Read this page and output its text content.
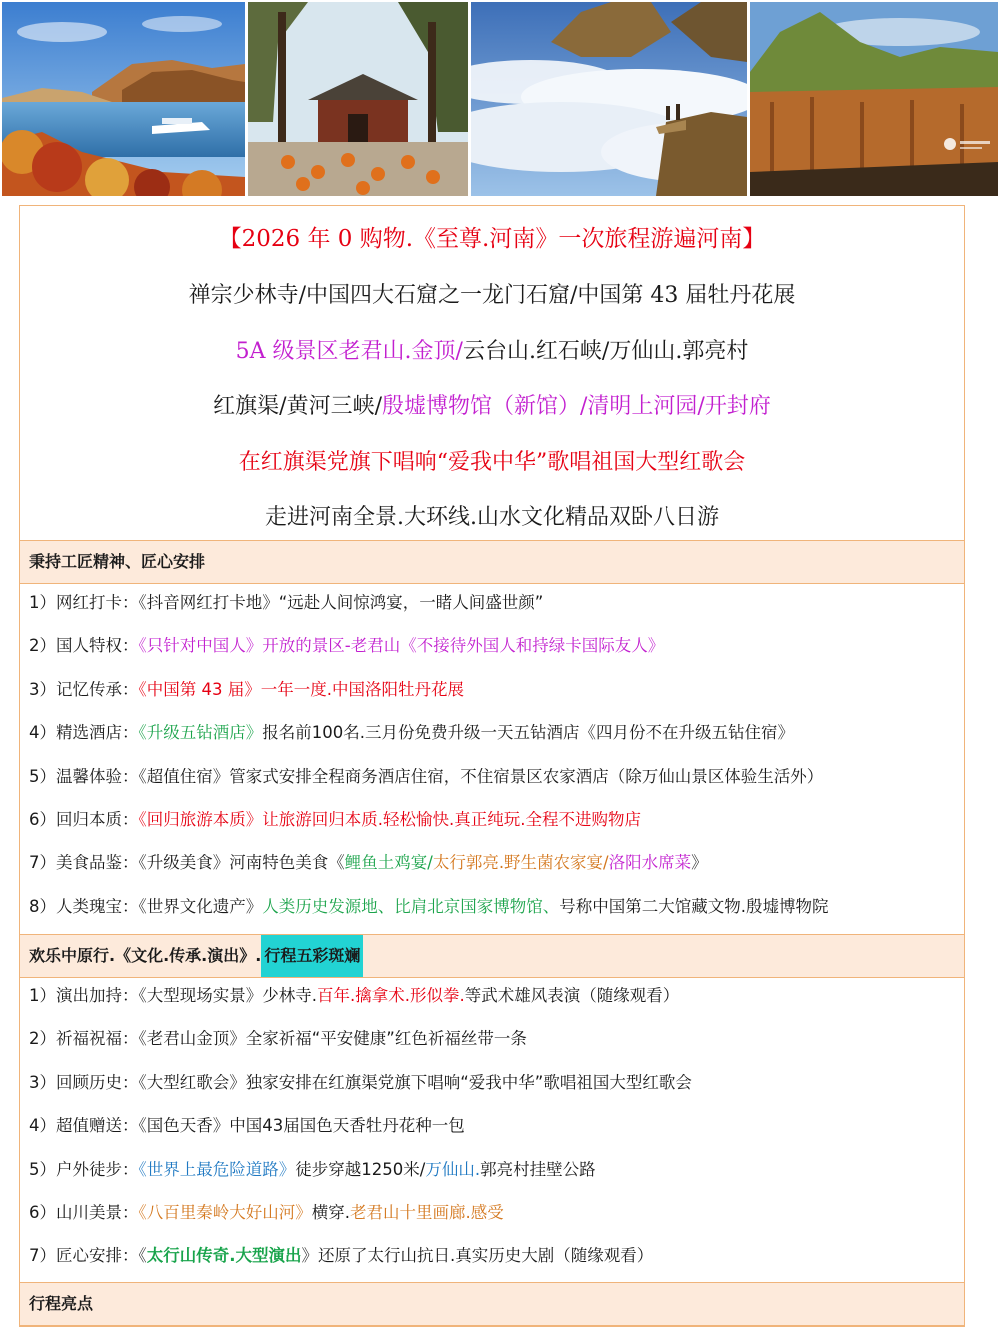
【2026 年 0 购物.《至尊.河南》一次旅程游遍河南】
禅宗少林寺/中国四大石窟之一龙门石窟/中国第 43 届牡丹花展
5A 级景区老君山.金顶/云台山.红石峡/万仙山.郭亮村
红旗渠/黄河三峡/殷墟博物馆（新馆）/清明上河园/开封府
在红旗渠党旗下唱响“爱我中华”歌唱祖国大型红歌会
走进河南全景.大环线.山水文化精品双卧八日游
秉持工匠精神、匠心安排
欢乐中原行.《文化.传承.演出》. 行程五彩斑斓
行程亮点
1）网红打卡：《抖音网红打卡地》“远赴人间惊鸿宴，一睹人间盛世颜”
2）国人特权：《只针对中国人》开放的景区-老君山《不接待外国人和持绿卡国际友人》
3）记忆传承：《中国第 43 届》一年一度.中国洛阳牡丹花展
4）精选酒店：《升级五钻酒店》报名前100名.三月份免费升级一天五钻酒店《四月份不在升级五钻住宿》
5）温馨体验：《超值住宿》管家式安排全程商务酒店住宿，不住宿景区农家酒店（除万仙山景区体验生活外）
6）回归本质：《回归旅游本质》让旅游回归本质.轻松愉快.真正纯玩.全程不进购物店
7）美食品鉴：《升级美食》河南特色美食《鲤鱼土鸡宴/太行郭亮.野生菌农家宴/洛阳水席菜》
8）人类瑰宝：《世界文化遗产》人类历史发源地、比肩北京国家博物馆、号称中国第二大馆藏文物.殷墟博物院
1）演出加持：《大型现场实景》少林寺.百年.擒拿术.形似拳.等武术雄风表演（随缘观看）
2）祈福祝福：《老君山金顶》全家祈福“平安健康”红色祈福丝带一条
3）回顾历史：《大型红歌会》独家安排在红旗渠党旗下唱响“爱我中华”歌唱祖国大型红歌会
4）超值赠送：《国色天香》中国43届国色天香牡丹花种一包
5）户外徒步：《世界上最危险道路》徒步穿越1250米/万仙山.郭亮村挂壁公路
6）山川美景：《八百里秦岭大好山河》横穿.老君山十里画廊.感受
7）匠心安排：《太行山传奇.大型演出》还原了太行山抗日.真实历史大剧（随缘观看）
